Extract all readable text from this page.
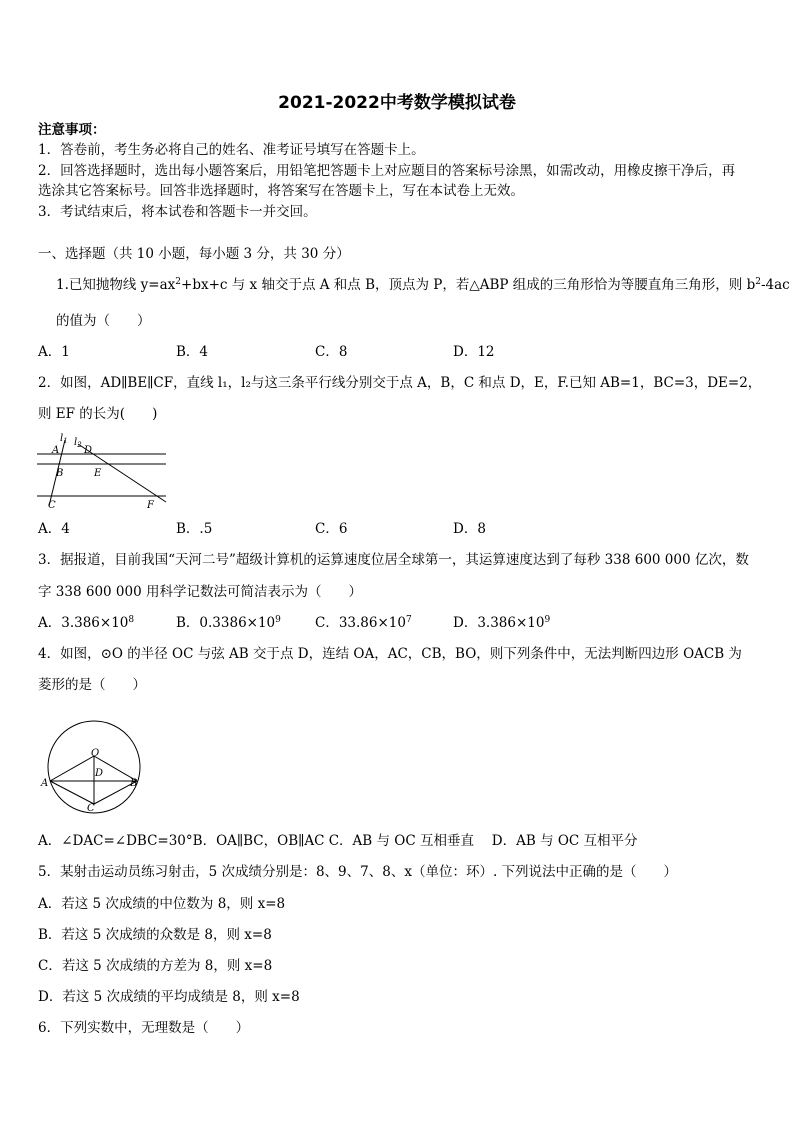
2021-2022中考数学模拟试卷
注意事项：
1．答卷前，考生务必将自己的姓名、准考证号填写在答题卡上。
2．回答选择题时，选出每小题答案后，用铅笔把答题卡上对应题目的答案标号涂黑，如需改动，用橡皮擦干净后，再
选涂其它答案标号。回答非选择题时，将答案写在答题卡上，写在本试卷上无效。
3．考试结束后，将本试卷和答题卡一并交回。
一、选择题（共 10 小题，每小题 3 分，共 30 分）
1.已知抛物线 $y=ax^2+bx+c$ 与 x 轴交于点 A 和点 B，顶点为 P，若△ABP 组成的三角形恰为等腰直角三角形，则 $b^2-4ac$
的值为（　　）
A．1	B．4	C．8	D．12
2．如图，AD∥BE∥CF，直线 l₁，l₂与这三条平行线分别交于点 A，B，C 和点 D，E，F.已知 AB=1，BC=3，DE=2，
则 EF 的长为(　　)
$l_1$ $l_2$
A D
B	E
C	F
A．4	B．.5	C．6	D．8
3．据报道，目前我国“天河二号”超级计算机的运算速度位居全球第一，其运算速度达到了每秒 338 600 000 亿次，数
字 338 600 000 用科学记数法可简洁表示为（　　）
A．$3.386\times 10^8$	B．$0.3386\times 10^9$	C．$33.86\times 10^7$	D．$3.386\times 10^9$
4．如图，⊙O 的半径 OC 与弦 AB 交于点 D，连结 OA，AC，CB，BO，则下列条件中，无法判断四边形 OACB 为
菱形的是（　　）
O
D
A	B
C
A．∠DAC=∠DBC=30°B．OA∥BC，OB∥AC C．AB 与 OC 互相垂直　 D．AB 与 OC 互相平分
5．某射击运动员练习射击，5 次成绩分别是：8、9、7、8、x（单位：环）. 下列说法中正确的是（　　）
A．若这 5 次成绩的中位数为 8，则 x=8
B．若这 5 次成绩的众数是 8，则 x=8
C．若这 5 次成绩的方差为 8，则 x=8
D．若这 5 次成绩的平均成绩是 8，则 x=8
6．下列实数中，无理数是（　　）
